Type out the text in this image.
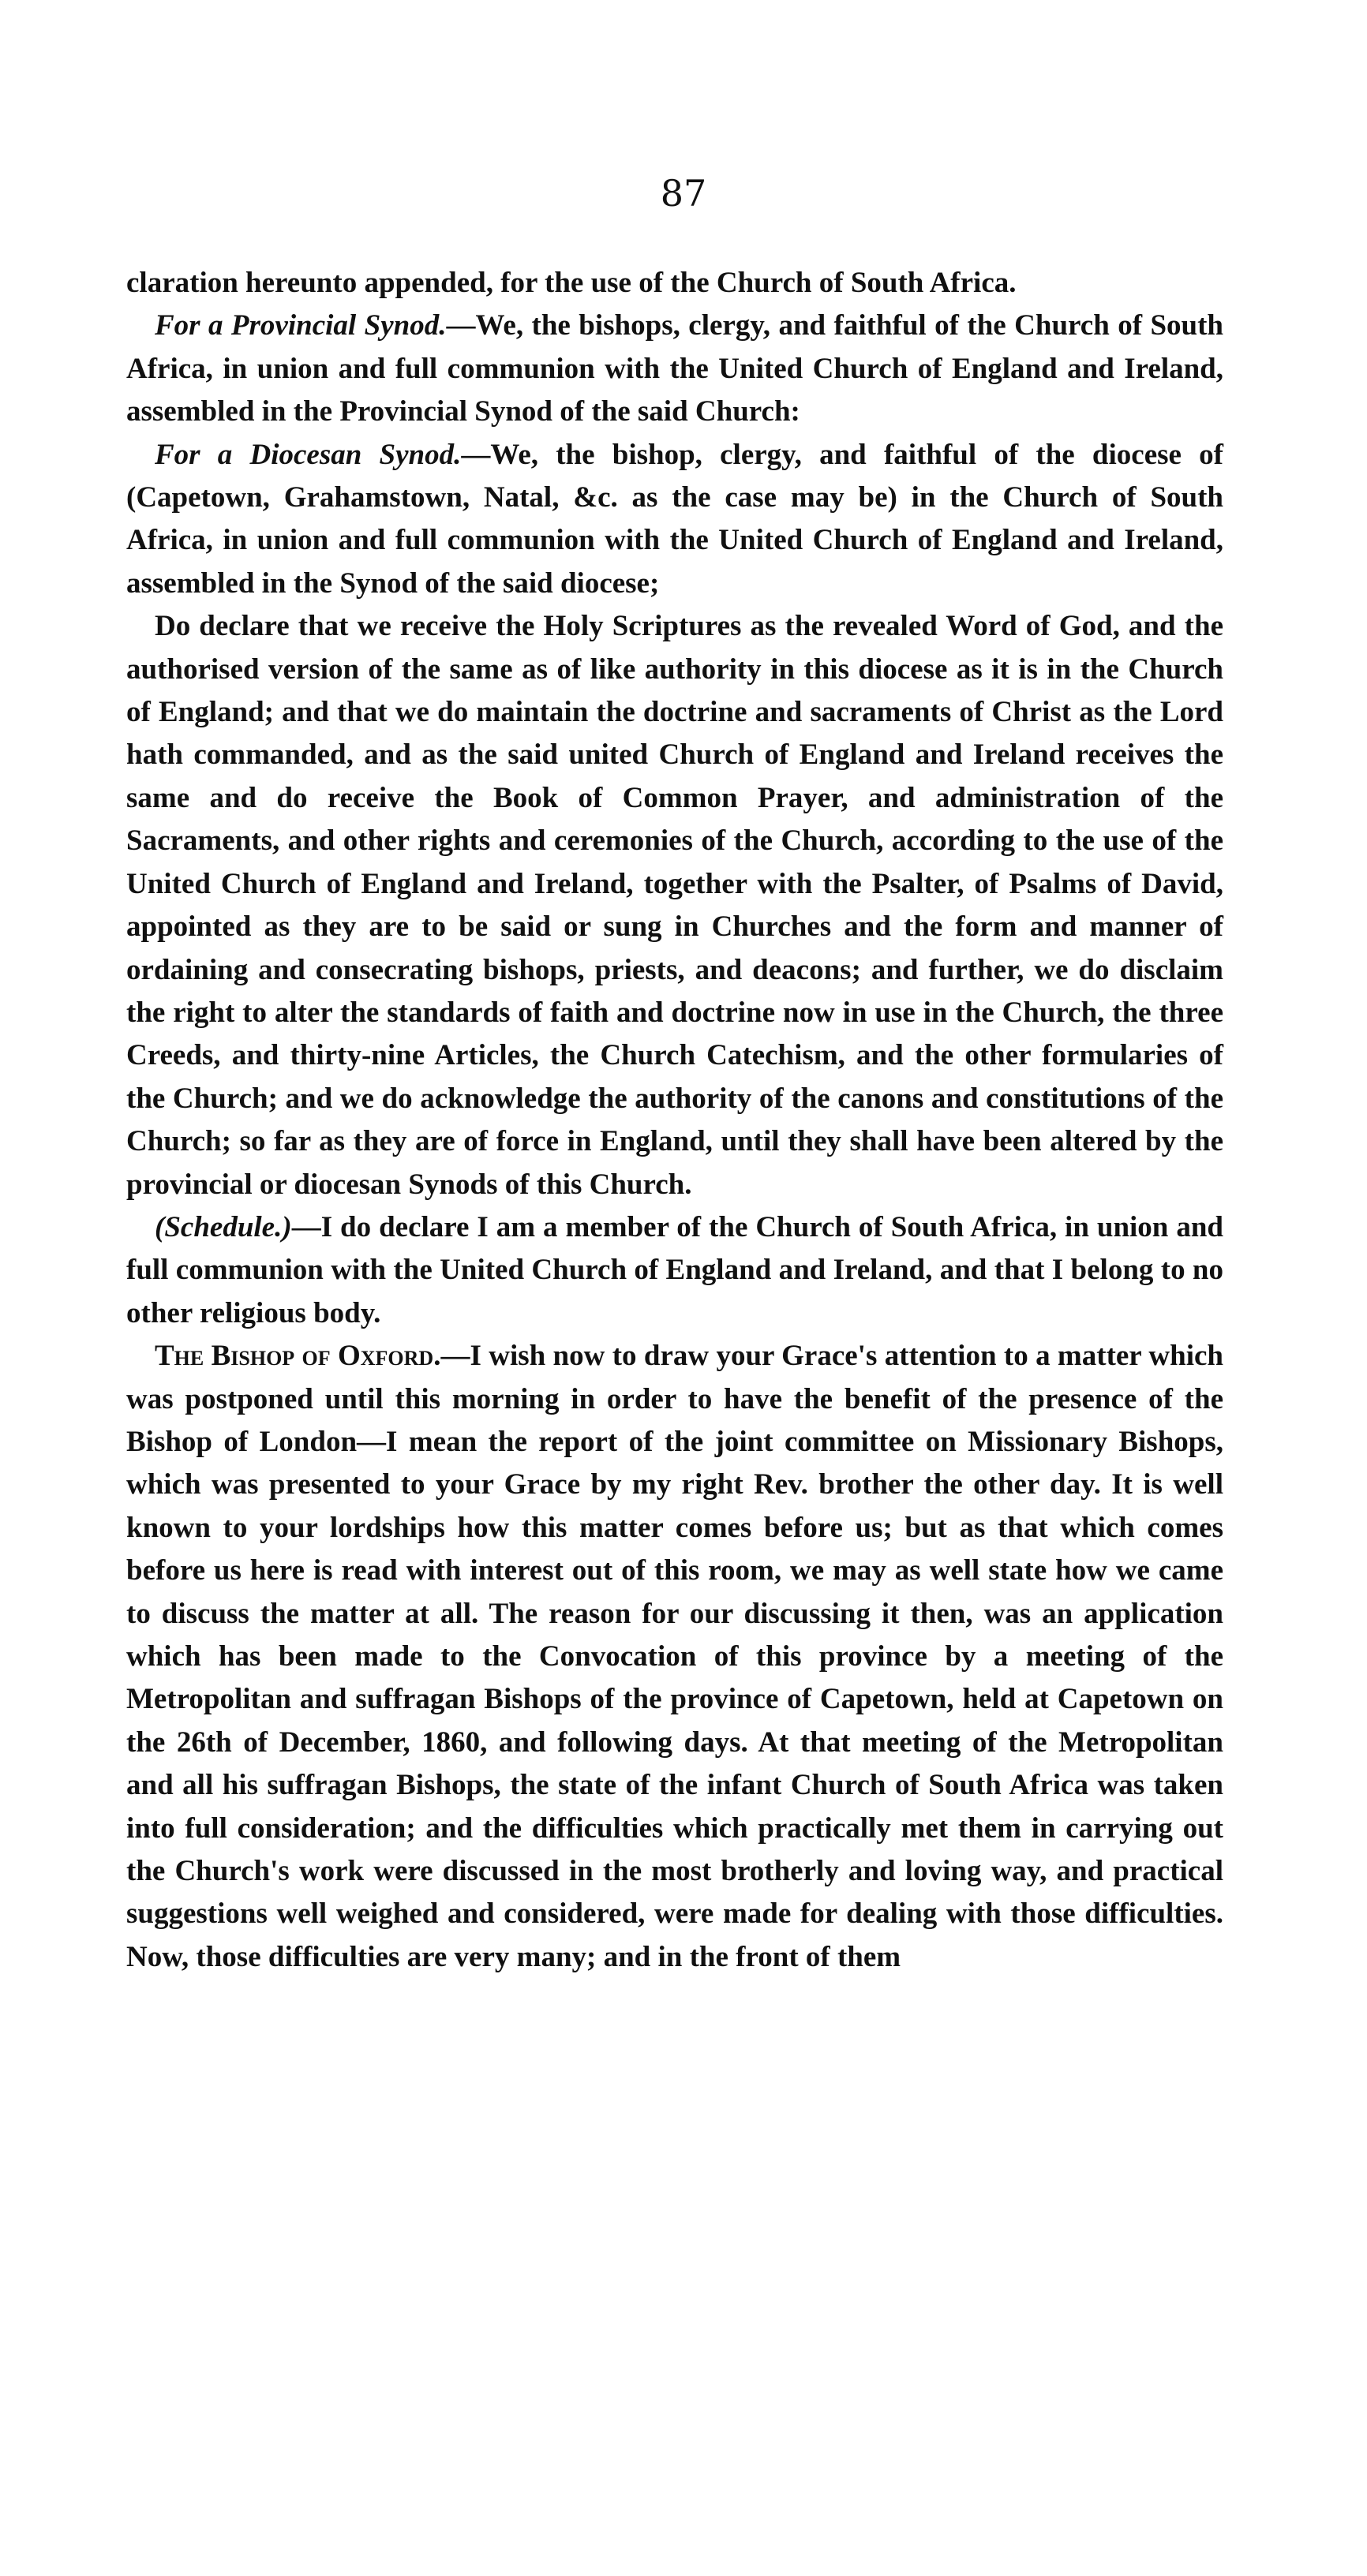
87

claration hereunto appended, for the use of the Church of South Africa.

For a Provincial Synod.—We, the bishops, clergy, and faithful of the Church of South Africa, in union and full communion with the United Church of England and Ireland, assembled in the Provincial Synod of the said Church:

For a Diocesan Synod.—We, the bishop, clergy, and faithful of the diocese of (Capetown, Grahamstown, Natal, &c. as the case may be) in the Church of South Africa, in union and full communion with the United Church of England and Ireland, assembled in the Synod of the said diocese;

Do declare that we receive the Holy Scriptures as the revealed Word of God, and the authorised version of the same as of like authority in this diocese as it is in the Church of England; and that we do maintain the doctrine and sacraments of Christ as the Lord hath commanded, and as the said united Church of England and Ireland receives the same and do receive the Book of Common Prayer, and administration of the Sacraments, and other rights and ceremonies of the Church, according to the use of the United Church of England and Ireland, together with the Psalter, of Psalms of David, appointed as they are to be said or sung in Churches and the form and manner of ordaining and consecrating bishops, priests, and deacons; and further, we do disclaim the right to alter the standards of faith and doctrine now in use in the Church, the three Creeds, and thirty-nine Articles, the Church Catechism, and the other formularies of the Church; and we do acknowledge the authority of the canons and constitutions of the Church; so far as they are of force in England, until they shall have been altered by the provincial or diocesan Synods of this Church.

(Schedule.)—I do declare I am a member of the Church of South Africa, in union and full communion with the United Church of England and Ireland, and that I belong to no other religious body.

The Bishop of Oxford.—I wish now to draw your Grace's attention to a matter which was postponed until this morning in order to have the benefit of the presence of the Bishop of London—I mean the report of the joint committee on Missionary Bishops, which was presented to your Grace by my right Rev. brother the other day. It is well known to your lordships how this matter comes before us; but as that which comes before us here is read with interest out of this room, we may as well state how we came to discuss the matter at all. The reason for our discussing it then, was an application which has been made to the Convocation of this province by a meeting of the Metropolitan and suffragan Bishops of the province of Capetown, held at Capetown on the 26th of December, 1860, and following days. At that meeting of the Metropolitan and all his suffragan Bishops, the state of the infant Church of South Africa was taken into full consideration; and the difficulties which practically met them in carrying out the Church's work were discussed in the most brotherly and loving way, and practical suggestions well weighed and considered, were made for dealing with those difficulties. Now, those difficulties are very many; and in the front of them
